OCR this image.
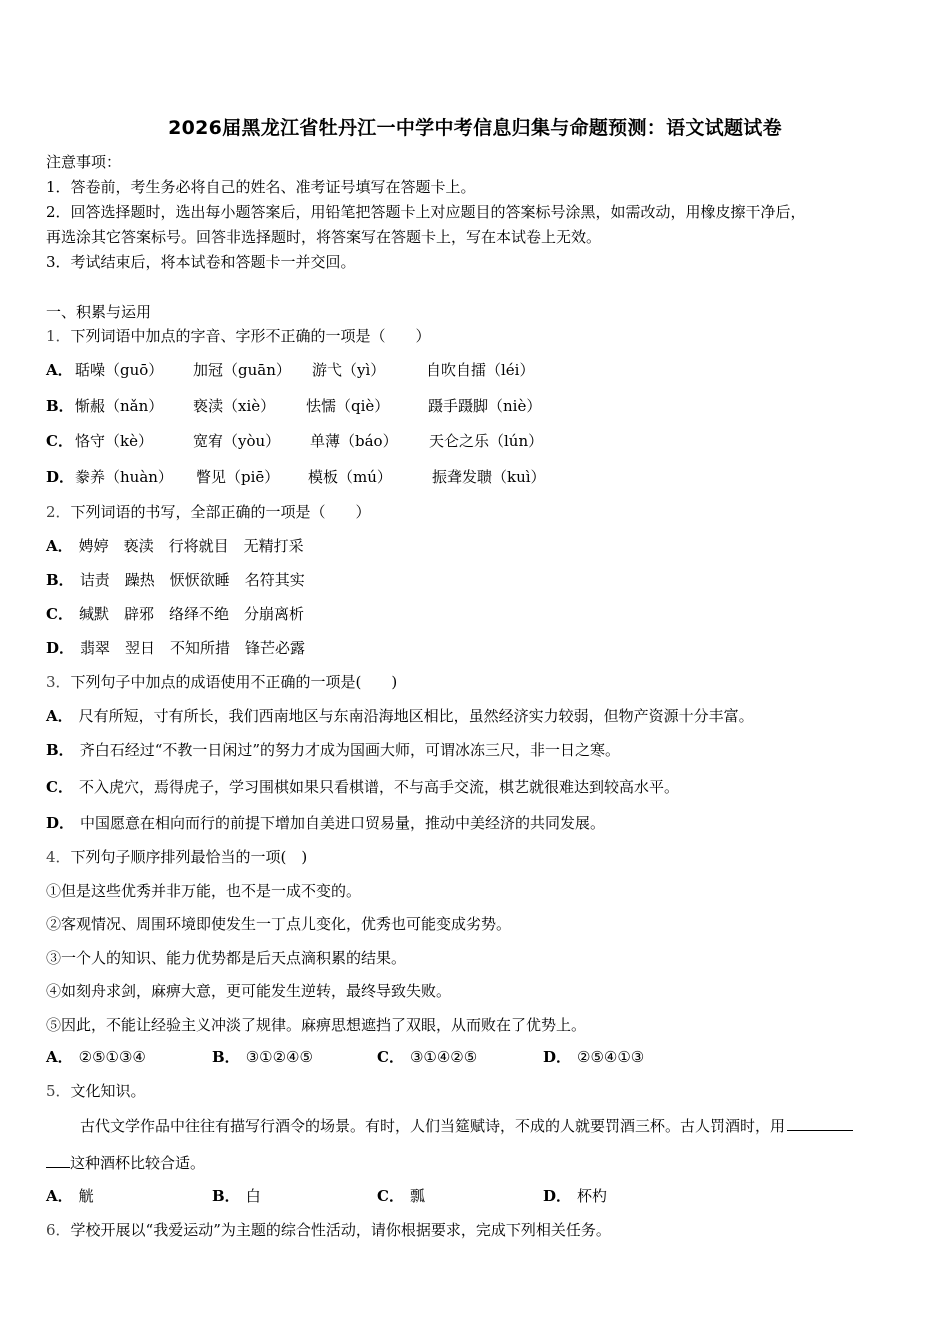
2026届黑龙江省牡丹江一中学中考信息归集与命题预测：语文试题试卷
注意事项：
1．答卷前，考生务必将自己的姓名、准考证号填写在答题卡上。
2．回答选择题时，选出每小题答案后，用铅笔把答题卡上对应题目的答案标号涂黑，如需改动，用橡皮擦干净后，
再选涂其它答案标号。回答非选择题时，将答案写在答题卡上，写在本试卷上无效。
3．考试结束后，将本试卷和答题卡一并交回。
一、积累与运用
1．下列词语中加点的字音、字形不正确的一项是（　　）
A． 聒噪（guō） 加冠（guān） 游弋（yì）	自吹自擂（léi）
B． 惭赧（nǎn） 亵渎（xiè） 怯懦（qiè）	蹑手蹑脚（niè）
C． 恪守（kè）	宽宥（yòu） 单薄（báo） 天仑之乐（lún）
D． 豢养（huàn） 瞥见（piē） 模板（mú）	振聋发聩（kuì）
2．下列词语的书写，全部正确的一项是（　　）
A． 娉婷　亵渎　行将就目　无精打采
B． 诘责　躁热　恹恹欲睡　名符其实
C． 缄默　辟邪　络绎不绝　分崩离析
D． 翡翠　翌日　不知所措　锋芒必露
3．下列句子中加点的成语使用不正确的一项是(　　)
A． 尺有所短，寸有所长，我们西南地区与东南沿海地区相比，虽然经济实力较弱，但物产资源十分丰富。
B． 齐白石经过“不教一日闲过”的努力才成为国画大师，可谓冰冻三尺，非一日之寒。
C． 不入虎穴，焉得虎子，学习围棋如果只看棋谱，不与高手交流，棋艺就很难达到较高水平。
D． 中国愿意在相向而行的前提下增加自美进口贸易量，推动中美经济的共同发展。
4．下列句子顺序排列最恰当的一项(　)
①但是这些优秀并非万能，也不是一成不变的。
②客观情况、周围环境即使发生一丁点儿变化，优秀也可能变成劣势。
③一个人的知识、能力优势都是后天点滴积累的结果。
④如刻舟求剑，麻痹大意，更可能发生逆转，最终导致失败。
⑤因此，不能让经验主义冲淡了规律。麻痹思想遮挡了双眼，从而败在了优势上。
A． ②⑤①③④	B． ③①②④⑤	C． ③①④②⑤	D． ②⑤④①③
5．文化知识。
古代文学作品中往往有描写行酒令的场景。有时，人们当筵赋诗，不成的人就要罚酒三杯。古人罚酒时，用
这种酒杯比较合适。
A． 觥	B． 白	C． 瓢	D． 杯杓
6．学校开展以“我爱运动”为主题的综合性活动，请你根据要求，完成下列相关任务。
